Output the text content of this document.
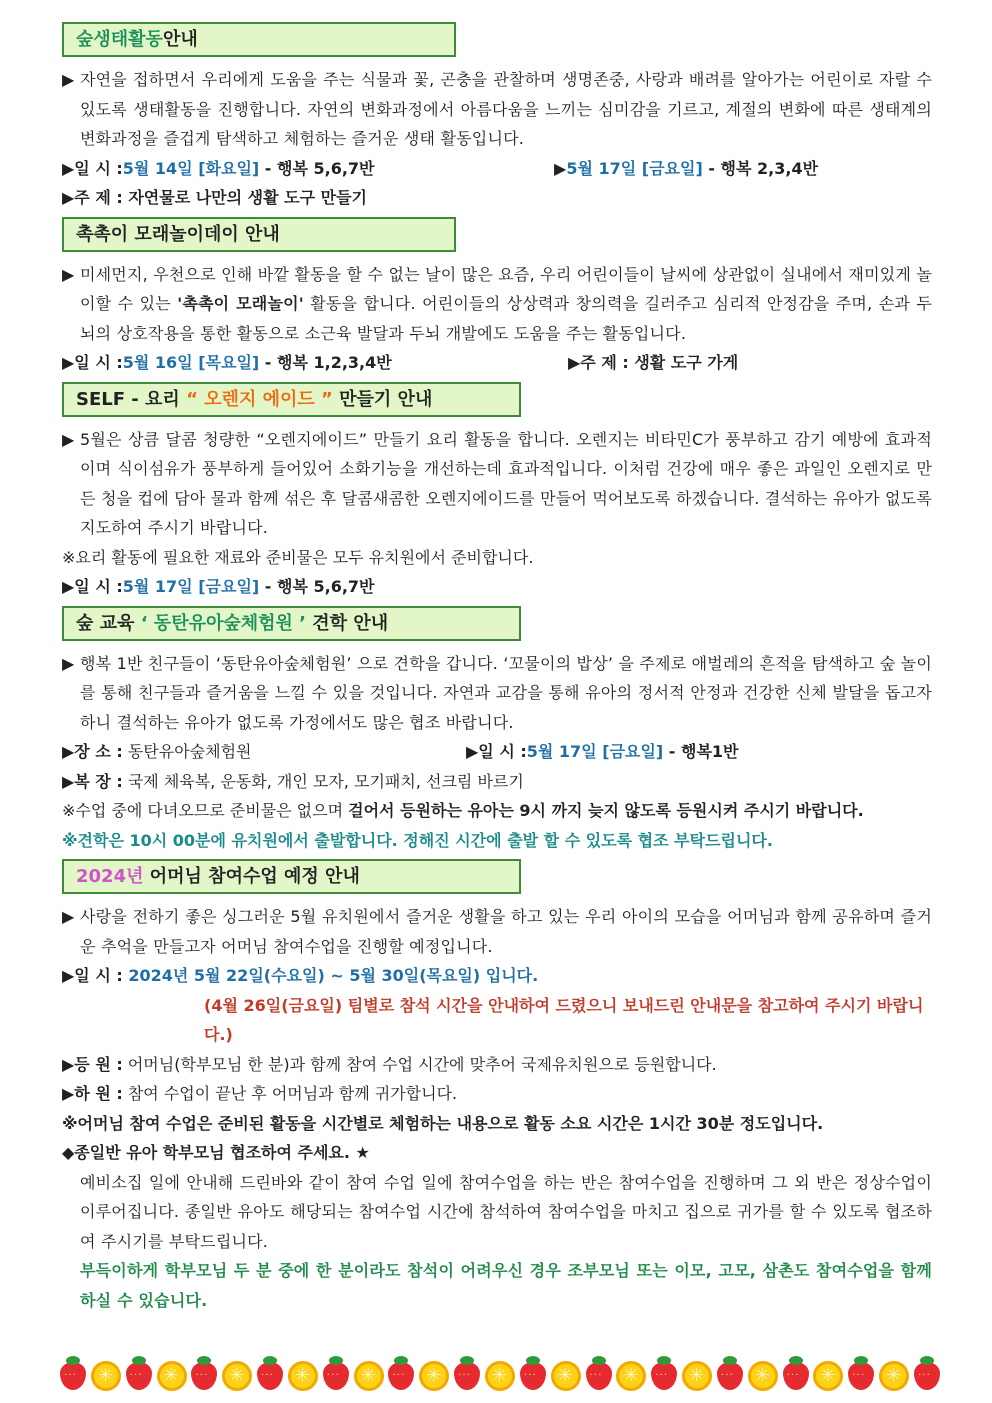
숲생태활동안내
▶ 자연을 접하면서 우리에게 도움을 주는 식물과 꽃, 곤충을 관찰하며 생명존중, 사랑과 배려를 알아가는 어린이로 자랄 수 있도록 생태활동을 진행합니다. 자연의 변화과정에서 아름다움을 느끼는 심미감을 기르고, 계절의 변화에 따른 생태계의 변화과정을 즐겁게 탐색하고 체험하는 즐거운 생태 활동입니다.
▶일 시 :5월 14일 [화요일] - 행복 5,6,7반	▶5월 17일 [금요일] - 행복 2,3,4반
▶주 제 : 자연물로 나만의 생활 도구 만들기
촉촉이 모래놀이데이 안내
▶ 미세먼지, 우천으로 인해 바깥 활동을 할 수 없는 날이 많은 요즘, 우리 어린이들이 날씨에 상관없이 실내에서 재미있게 놀이할 수 있는 '촉촉이 모래놀이' 활동을 합니다. 어린이들의 상상력과 창의력을 길러주고 심리적 안정감을 주며, 손과 두뇌의 상호작용을 통한 활동으로 소근육 발달과 두뇌 개발에도 도움을 주는 활동입니다.
▶일 시 :5월 16일 [목요일] - 행복 1,2,3,4반	▶주 제 : 생활 도구 가게
SELF - 요리 “ 오렌지 에이드 ” 만들기 안내
▶ 5월은 상큼 달콤 청량한 “오렌지에이드” 만들기 요리 활동을 합니다. 오렌지는 비타민C가 풍부하고 감기 예방에 효과적이며 식이섬유가 풍부하게 들어있어 소화기능을 개선하는데 효과적입니다. 이처럼 건강에 매우 좋은 과일인 오렌지로 만든 청을 컵에 담아 물과 함께 섞은 후 달콤새콤한 오렌지에이드를 만들어 먹어보도록 하겠습니다. 결석하는 유아가 없도록 지도하여 주시기 바랍니다.
※요리 활동에 필요한 재료와 준비물은 모두 유치원에서 준비합니다.
▶일 시 :5월 17일 [금요일] - 행복 5,6,7반
숲 교육 ‘ 동탄유아숲체험원 ’ 견학 안내
▶ 행복 1반 친구들이 ‘동탄유아숲체험원’ 으로 견학을 갑니다. ‘꼬물이의 밥상’ 을 주제로 애벌레의 흔적을 탐색하고 숲 놀이를 통해 친구들과 즐거움을 느낄 수 있을 것입니다. 자연과 교감을 통해 유아의 정서적 안정과 건강한 신체 발달을 돕고자 하니 결석하는 유아가 없도록 가정에서도 많은 협조 바랍니다.
▶장 소 : 동탄유아숲체험원	▶일 시 :5월 17일 [금요일] - 행복1반
▶복 장 : 국제 체육복, 운동화, 개인 모자, 모기패치, 선크림 바르기
※수업 중에 다녀오므로 준비물은 없으며 걸어서 등원하는 유아는 9시 까지 늦지 않도록 등원시켜 주시기 바랍니다.
※견학은 10시 00분에 유치원에서 출발합니다. 정해진 시간에 출발 할 수 있도록 협조 부탁드립니다.
2024년 어머님 참여수업 예정 안내
▶ 사랑을 전하기 좋은 싱그러운 5월 유치원에서 즐거운 생활을 하고 있는 우리 아이의 모습을 어머님과 함께 공유하며 즐거운 추억을 만들고자 어머님 참여수업을 진행할 예정입니다.
▶일 시 : 2024년 5월 22일(수요일) ~ 5월 30일(목요일) 입니다.
(4월 26일(금요일) 팀별로 참석 시간을 안내하여 드렸으니 보내드린 안내문을 참고하여 주시기 바랍니다.)
▶등 원 : 어머님(학부모님 한 분)과 함께 참여 수업 시간에 맞추어 국제유치원으로 등원합니다.
▶하 원 : 참여 수업이 끝난 후 어머님과 함께 귀가합니다.
※어머님 참여 수업은 준비된 활동을 시간별로 체험하는 내용으로 활동 소요 시간은 1시간 30분 정도입니다.
◆종일반 유아 학부모님 협조하여 주세요. ★
예비소집 일에 안내해 드린바와 같이 참여 수업 일에 참여수업을 하는 반은 참여수업을 진행하며 그 외 반은 정상수업이 이루어집니다. 종일반 유아도 해당되는 참여수업 시간에 참석하여 참여수업을 마치고 집으로 귀가를 할 수 있도록 협조하여 주시기를 부탁드립니다.
부득이하게 학부모님 두 분 중에 한 분이라도 참석이 어려우신 경우 조부모님 또는 이모, 고모, 삼촌도 참여수업을 함께 하실 수 있습니다.
· · ·
✳
· · ·
✳
· · ·
✳
· · ·
✳
· · ·
✳
· · ·
✳
· · ·
✳
· · ·
✳
· · ·
✳
· · ·
✳
· · ·
✳
· · ·
✳
· · ·
✳
· · ·
